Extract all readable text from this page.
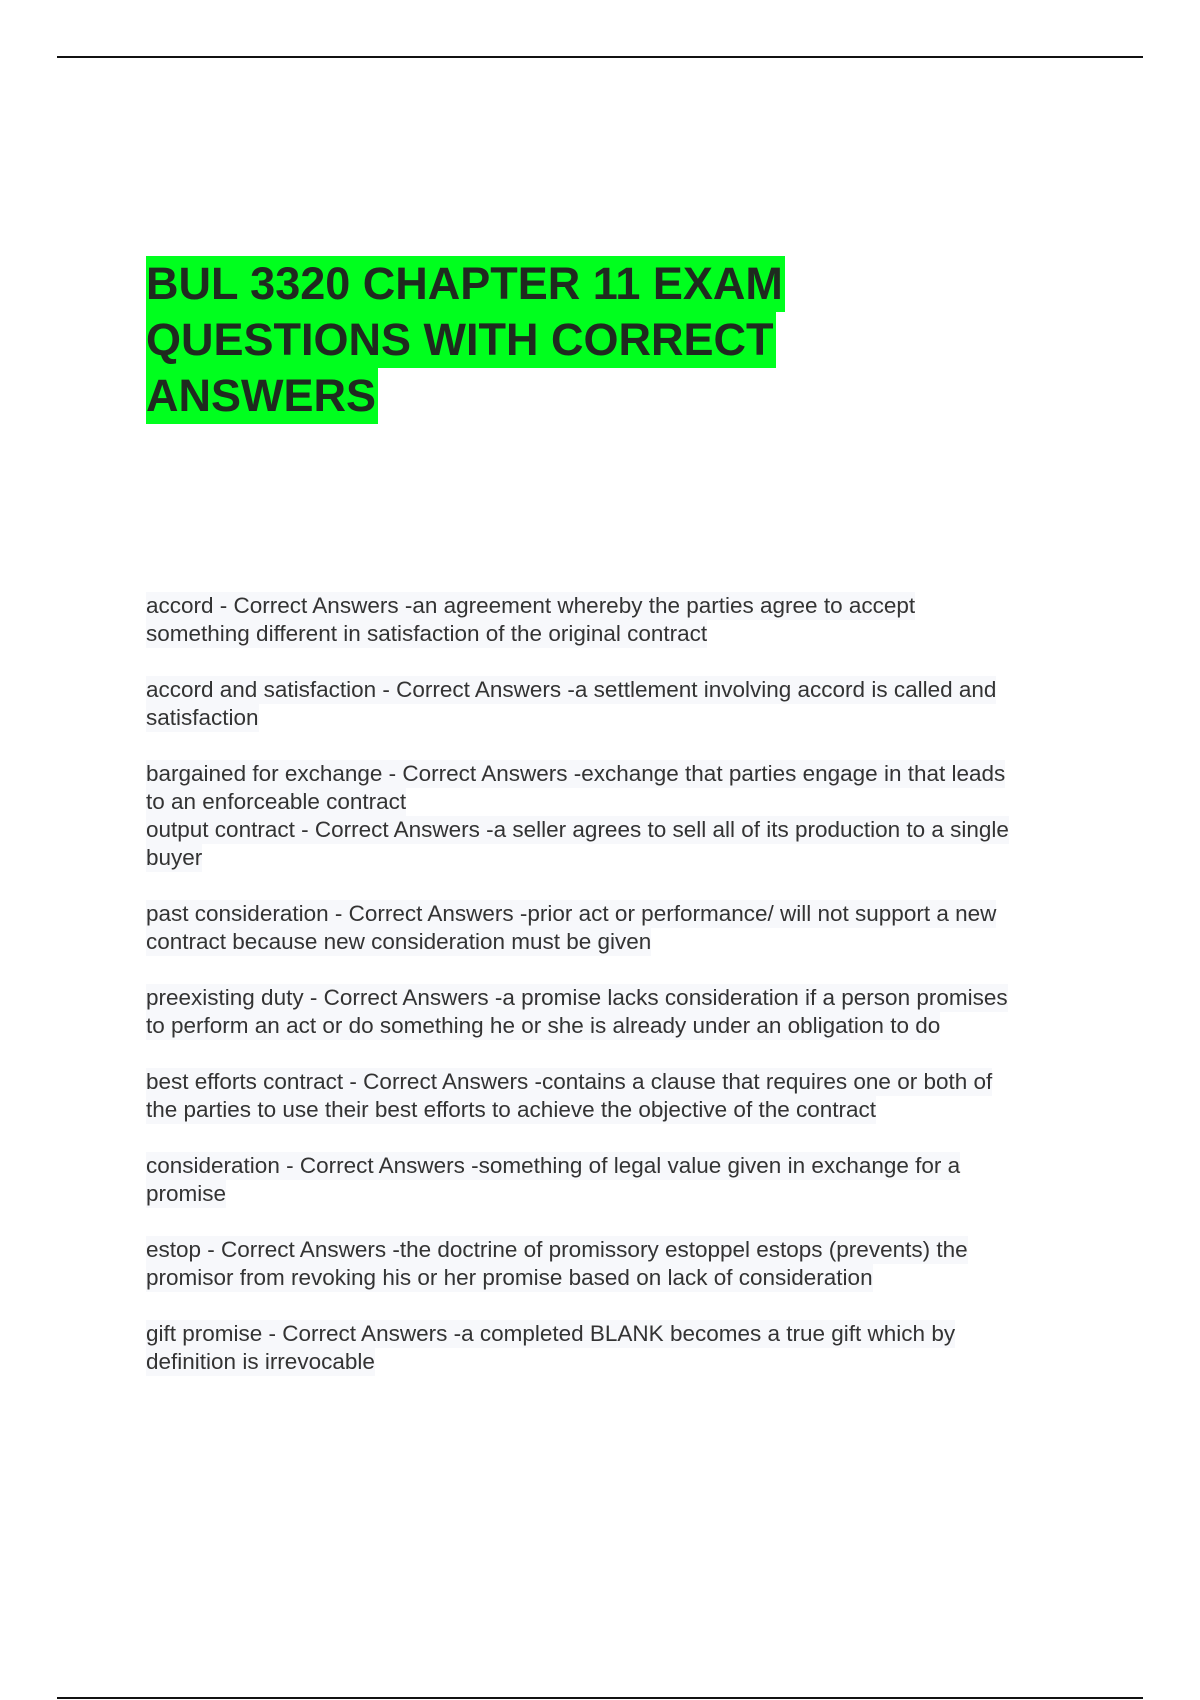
BUL 3320 CHAPTER 11 EXAM
QUESTIONS WITH CORRECT
ANSWERS
accord - Correct Answers -an agreement whereby the parties agree to accept
something different in satisfaction of the original contract
accord and satisfaction - Correct Answers -a settlement involving accord is called and
satisfaction
bargained for exchange - Correct Answers -exchange that parties engage in that leads
to an enforceable contract
output contract - Correct Answers -a seller agrees to sell all of its production to a single
buyer
past consideration - Correct Answers -prior act or performance/ will not support a new
contract because new consideration must be given
preexisting duty - Correct Answers -a promise lacks consideration if a person promises
to perform an act or do something he or she is already under an obligation to do
best efforts contract - Correct Answers -contains a clause that requires one or both of
the parties to use their best efforts to achieve the objective of the contract
consideration - Correct Answers -something of legal value given in exchange for a
promise
estop - Correct Answers -the doctrine of promissory estoppel estops (prevents) the
promisor from revoking his or her promise based on lack of consideration
gift promise - Correct Answers -a completed BLANK becomes a true gift which by
definition is irrevocable
